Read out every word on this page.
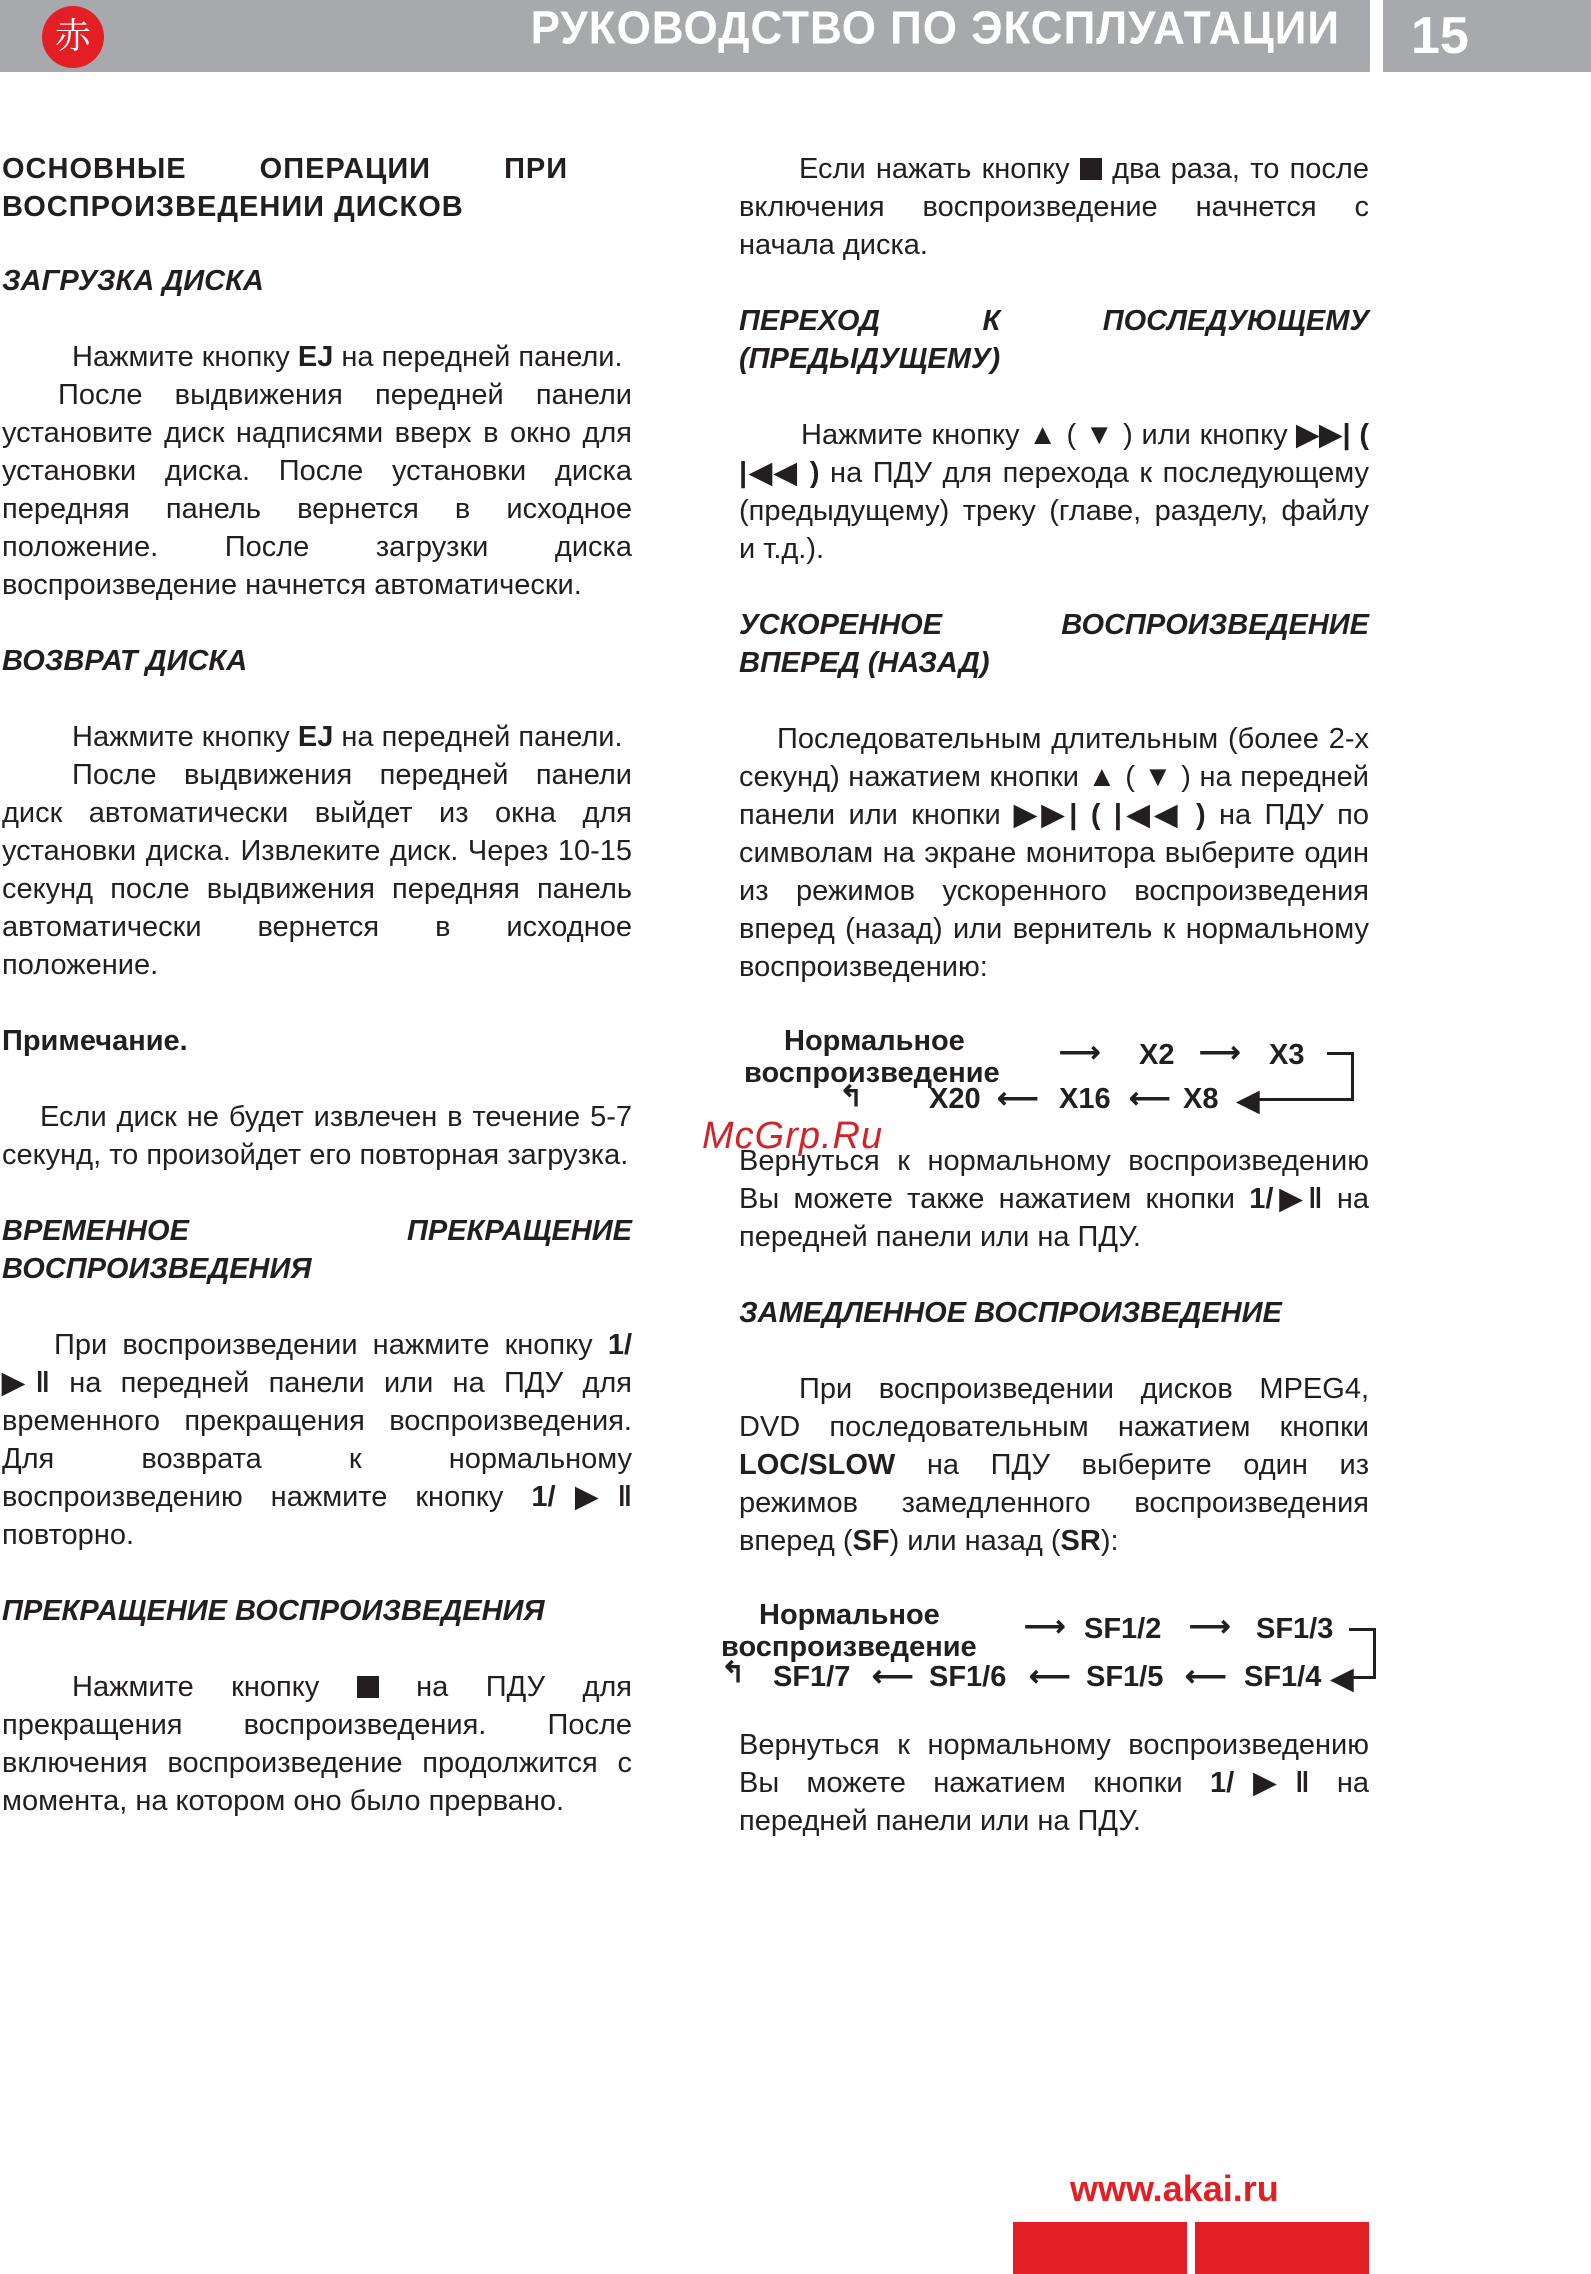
赤	РУКОВОДСТВО ПО ЭКСПЛУАТАЦИИ 15

ОСНОВНЫЕ ОПЕРАЦИИ ПРИ

ВОСПРОИЗВЕДЕНИИ ДИСКОВ

ЗАГРУЗКА ДИСКА

Нажмите кнопку EJ на передней панели.

После выдвижения передней панели установите диск надписями вверх в окно для установки диска. После установки диска передняя панель вернется в исходное положение. После загрузки диска воспроизведение начнется автоматически.

ВОЗВРАТ ДИСКА

Нажмите кнопку EJ на передней панели.

После выдвижения передней панели диск автоматически выйдет из окна для установки диска. Извлеките диск. Через 10-15 секунд после выдвижения передняя панель автоматически вернется в исходное положение.

Примечание.

Если диск не будет извлечен в течение 5-7 секунд, то произойдет его повторная загрузка.

ВРЕМЕННОЕ ПРЕКРАЩЕНИЕ ВОСПРОИЗВЕДЕНИЯ

При воспроизведении нажмите кнопку 1/▶‖ на передней панели или на ПДУ для временного прекращения воспроизведения. Для возврата к нормальному воспроизведению нажмите кнопку 1/▶‖ повторно.

ПРЕКРАЩЕНИЕ ВОСПРОИЗВЕДЕНИЯ

Нажмите кнопку  на ПДУ для прекращения воспроизведения. После включения воспроизведение продолжится с момента, на котором оно было прервано.

Если нажать кнопку  два раза, то после включения воспроизведение начнется с начала диска.

ПЕРЕХОД К ПОСЛЕДУЮЩЕМУ (ПРЕДЫДУЩЕМУ)

Нажмите кнопку ▲ ( ▼ ) или кнопку ▶▶| ( |◀◀ ) на ПДУ для перехода к последующему (предыдущему) треку (главе, разделу, файлу и т.д.).

УСКОРЕННОЕ ВОСПРОИЗВЕДЕНИЕ ВПЕРЕД (НАЗАД)

Последовательным длительным (более 2-х секунд) нажатием кнопки ▲ ( ▼ ) на передней панели или кнопки ▶▶| ( |◀◀ ) на ПДУ по символам на экране монитора выберите один из режимов ускоренного воспроизведения вперед (назад) или вернитель к нормальному воспроизведению:

Нормальное
воспроизведение
⟶ X2 ⟶ X3
◀
X8
⟵
X16
⟵
X20
↰

Вернуться к нормальному воспроизведению Вы можете также нажатием кнопки 1/▶‖ на передней панели или на ПДУ.

ЗАМЕДЛЕННОЕ ВОСПРОИЗВЕДЕНИЕ

При воспроизведении дисков MPEG4, DVD последовательным нажатием кнопки LOC/SLOW на ПДУ выберите один из режимов замедленного воспроизведения вперед (SF) или назад (SR):

Нормальное
воспроизведение
⟶ SF1/2 ⟶ SF1/3
◀
SF1/4
⟵
SF1/5
⟵
SF1/6
⟵
SF1/7
↰

Вернуться к нормальному воспроизведению Вы можете нажатием кнопки 1/▶‖ на передней панели или на ПДУ.

McGrp.Ru
www.akai.ru
